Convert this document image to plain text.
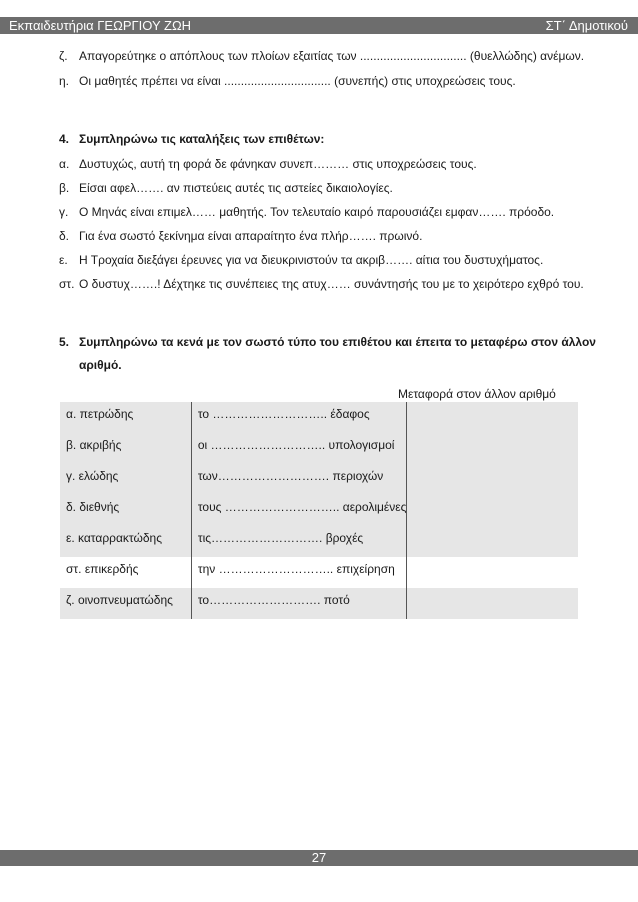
Εκπαιδευτήρια ΓΕΩΡΓΙΟΥ ΖΩΗ	ΣΤ΄ Δημοτικού
ζ. Απαγορεύτηκε ο απόπλους των πλοίων εξαιτίας των ................................ (θυελλώδης) ανέμων.
η. Οι μαθητές πρέπει να είναι ................................ (συνεπής) στις υποχρεώσεις τους.
4. Συμπληρώνω τις καταλήξεις των επιθέτων:
α. Δυστυχώς, αυτή τη φορά δε φάνηκαν συνεπ……… στις υποχρεώσεις τους.
β. Είσαι αφελ……. αν πιστεύεις αυτές τις αστείες δικαιολογίες.
γ. Ο Μηνάς είναι επιμελ…… μαθητής. Τον τελευταίο καιρό παρουσιάζει εμφαν……. πρόοδο.
δ. Για ένα σωστό ξεκίνημα είναι απαραίτητο ένα πλήρ……. πρωινό.
ε. Η Τροχαία διεξάγει έρευνες για να διευκρινιστούν τα ακριβ……. αίτια του δυστυχήματος.
στ. Ο δυστυχ…….! Δέχτηκε τις συνέπειες της ατυχ…… συνάντησής του με το χειρότερο εχθρό του.
5. Συμπληρώνω τα κενά με τον σωστό τύπο του επιθέτου και έπειτα το μεταφέρω στον άλλον
αριθμό.
Μεταφορά στον άλλον αριθμό
α. πετρώδης	το ……………………….. έδαφος	

β. ακριβής	οι ……………………….. υπολογισμοί	

γ. ελώδης	των………………………. περιοχών	

δ. διεθνής	τους ……………………….. αερολιμένες	

ε. καταρρακτώδης	τις………………………. βροχές	

στ. επικερδής	την ……………………….. επιχείρηση	

ζ. οινοπνευματώδης	το………………………. ποτό	

27
